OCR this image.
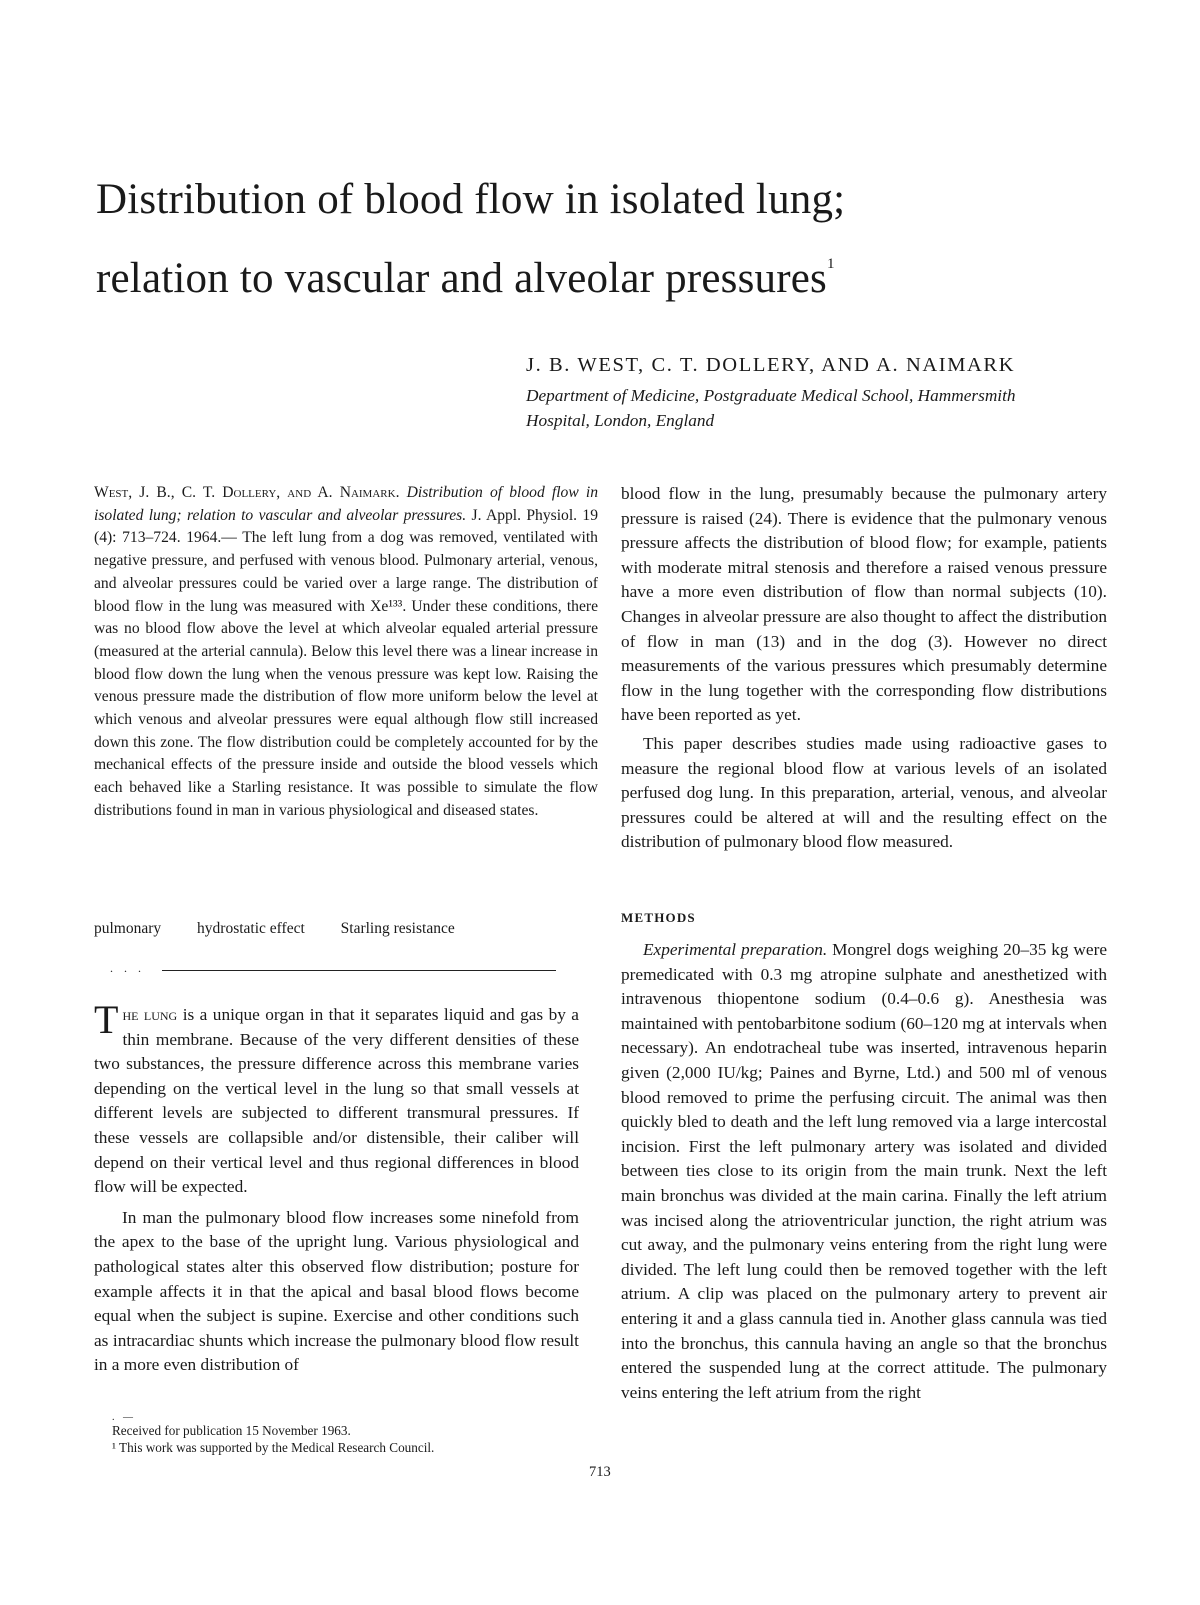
Distribution of blood flow in isolated lung;
relation to vascular and alveolar pressures$^1$
J. B. WEST, C. T. DOLLERY, AND A. NAIMARK
Department of Medicine, Postgraduate Medical School, Hammersmith
Hospital, London, England

West, J. B., C. T. Dollery, and A. Naimark. Distribution of blood flow in isolated lung; relation to vascular and alveolar pressures. J. Appl. Physiol. 19 (4): 713–724. 1964.— The left lung from a dog was removed, ventilated with negative pressure, and perfused with venous blood. Pulmonary arterial, venous, and alveolar pressures could be varied over a large range. The distribution of blood flow in the lung was measured with Xe¹³³. Under these conditions, there was no blood flow above the level at which alveolar equaled arterial pressure (measured at the arterial cannula). Below this level there was a linear increase in blood flow down the lung when the venous pressure was kept low. Raising the venous pressure made the distribution of flow more uniform below the level at which venous and alveolar pressures were equal although flow still increased down this zone. The flow distribution could be completely accounted for by the mechanical effects of the pressure inside and outside the blood vessels which each behaved like a Starling resistance. It was possible to simulate the flow distributions found in man in various physiological and diseased states.

pulmonary hydrostatic effect Starling resistance
. . .

The lung is a unique organ in that it separates liquid and gas by a thin membrane. Because of the very different densities of these two substances, the pressure difference across this membrane varies depending on the vertical level in the lung so that small vessels at different levels are subjected to different transmural pressures. If these vessels are collapsible and/or distensible, their caliber will depend on their vertical level and thus regional differences in blood flow will be expected.

In man the pulmonary blood flow increases some ninefold from the apex to the base of the upright lung. Various physiological and pathological states alter this observed flow distribution; posture for example affects it in that the apical and basal blood flows become equal when the subject is supine. Exercise and other conditions such as intracardiac shunts which increase the pulmonary blood flow result in a more even distribution of

blood flow in the lung, presumably because the pulmonary artery pressure is raised (24). There is evidence that the pulmonary venous pressure affects the distribution of blood flow; for example, patients with moderate mitral stenosis and therefore a raised venous pressure have a more even distribution of flow than normal subjects (10). Changes in alveolar pressure are also thought to affect the distribution of flow in man (13) and in the dog (3). However no direct measurements of the various pressures which presumably determine flow in the lung together with the corresponding flow distributions have been reported as yet.

This paper describes studies made using radioactive gases to measure the regional blood flow at various levels of an isolated perfused dog lung. In this preparation, arterial, venous, and alveolar pressures could be altered at will and the resulting effect on the distribution of pulmonary blood flow measured.

METHODS

Experimental preparation. Mongrel dogs weighing 20–35 kg were premedicated with 0.3 mg atropine sulphate and anesthetized with intravenous thiopentone sodium (0.4–0.6 g). Anesthesia was maintained with pentobarbitone sodium (60–120 mg at intervals when necessary). An endotracheal tube was inserted, intravenous heparin given (2,000 IU/kg; Paines and Byrne, Ltd.) and 500 ml of venous blood removed to prime the perfusing circuit. The animal was then quickly bled to death and the left lung removed via a large intercostal incision. First the left pulmonary artery was isolated and divided between ties close to its origin from the main trunk. Next the left main bronchus was divided at the main carina. Finally the left atrium was incised along the atrioventricular junction, the right atrium was cut away, and the pulmonary veins entering from the right lung were divided. The left lung could then be removed together with the left atrium. A clip was placed on the pulmonary artery to prevent air entering it and a glass cannula tied in. Another glass cannula was tied into the bronchus, this cannula having an angle so that the bronchus entered the suspended lung at the correct attitude. The pulmonary veins entering the left atrium from the right

. —

Received for publication 15 November 1963.

¹ This work was supported by the Medical Research Council.

713
